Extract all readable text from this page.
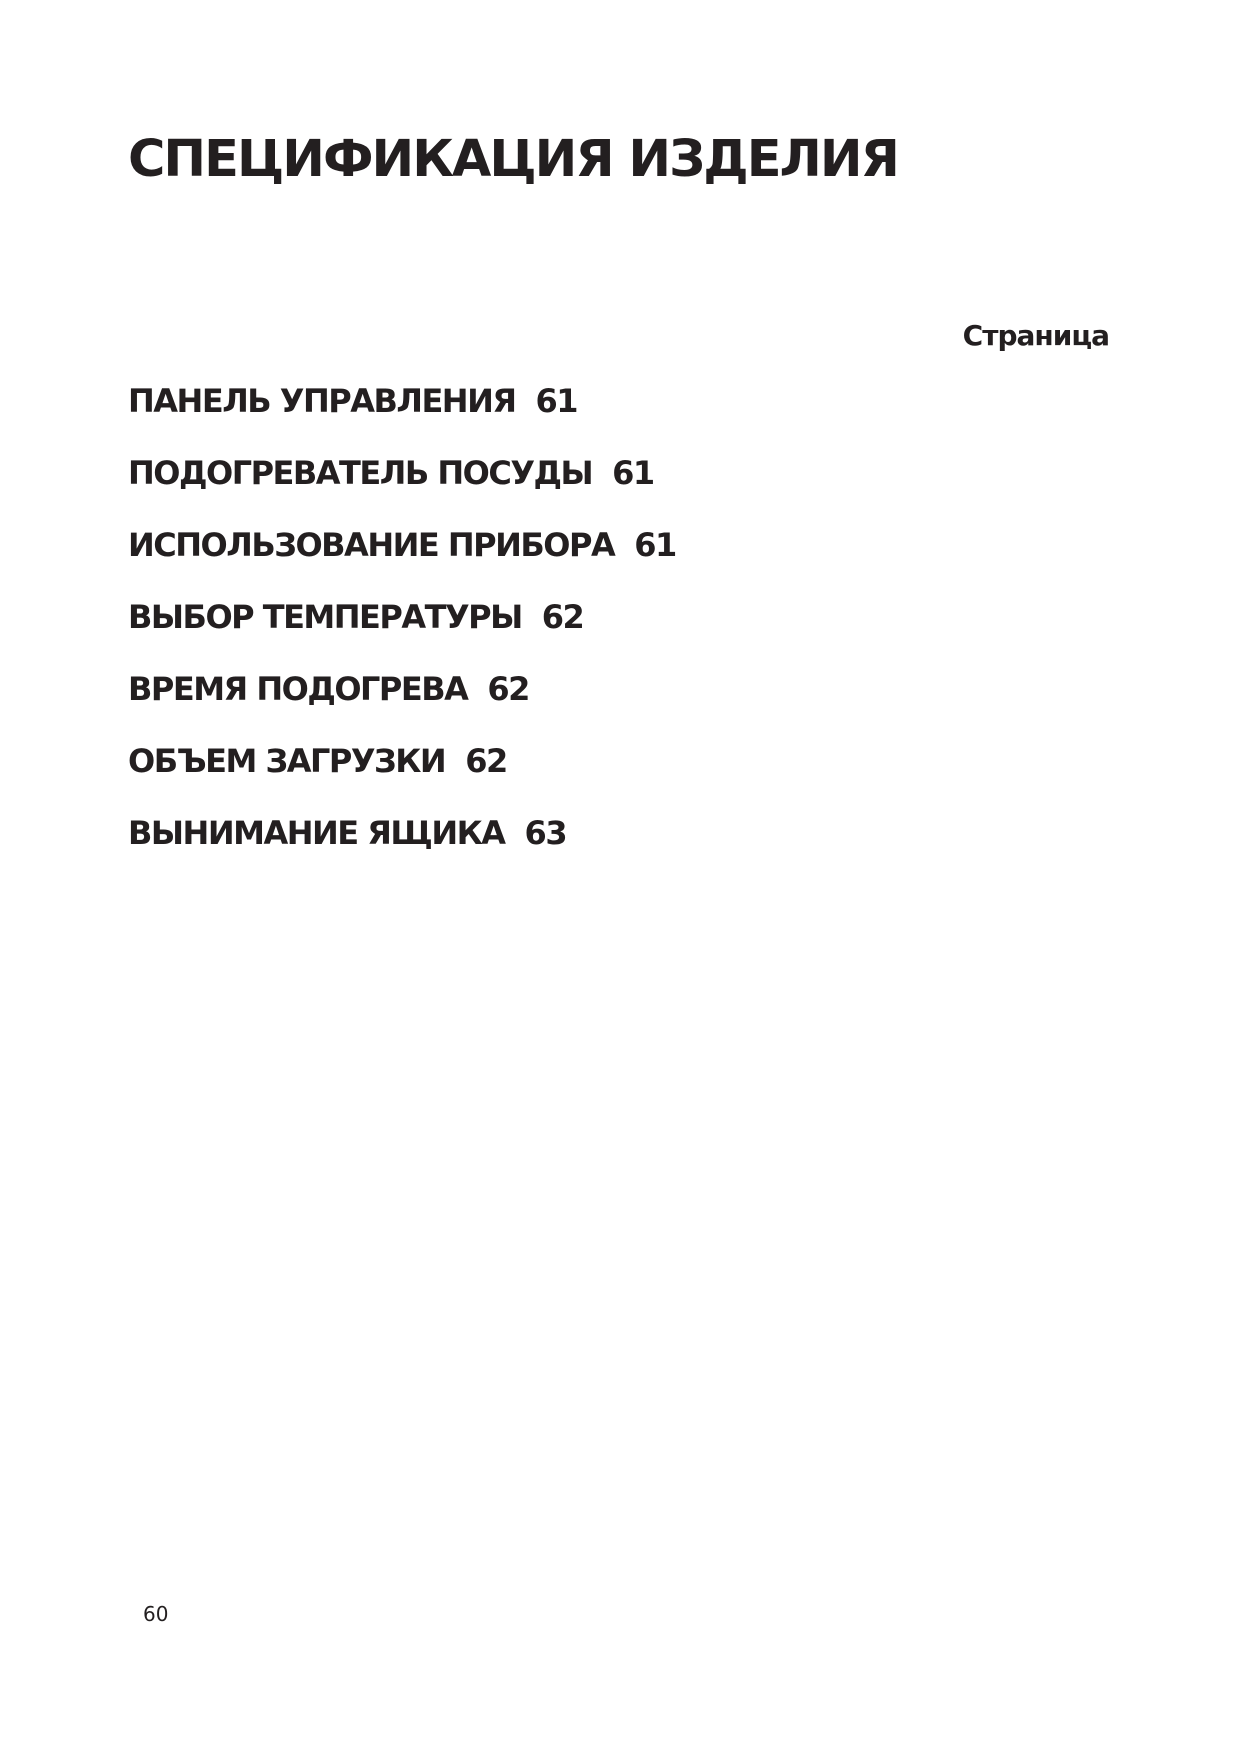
СПЕЦИФИКАЦИЯ ИЗДЕЛИЯ
Страница
ПАНЕЛЬ УПРАВЛЕНИЯ 61
ПОДОГРЕВАТЕЛЬ ПОСУДЫ 61
ИСПОЛЬЗОВАНИЕ ПРИБОРА 61
ВЫБОР ТЕМПЕРАТУРЫ 62
ВРЕМЯ ПОДОГРЕВА 62
ОБЪЕМ ЗАГРУЗКИ 62
ВЫНИМАНИЕ ЯЩИКА 63
60
